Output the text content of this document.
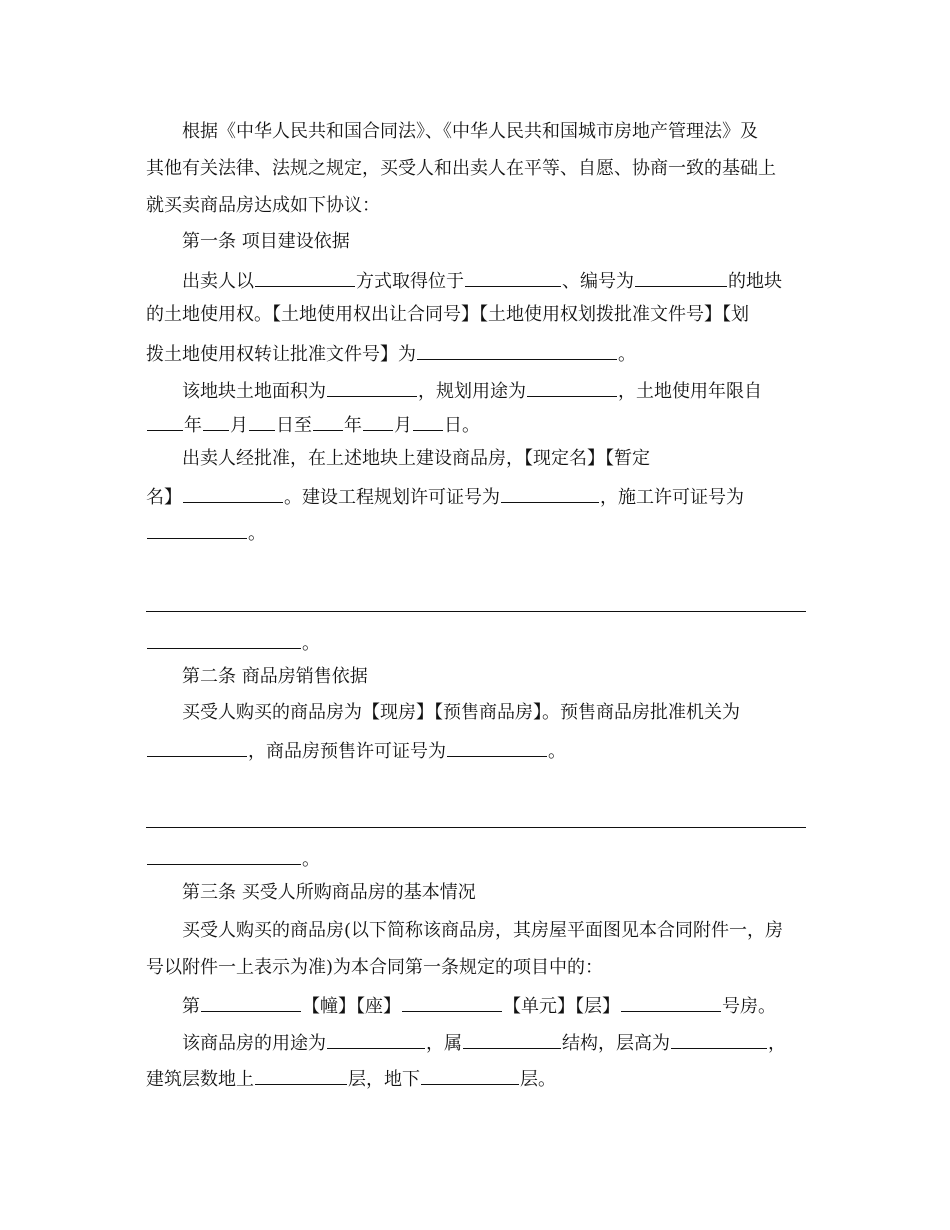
根据《中华人民共和国合同法》、《中华人民共和国城市房地产管理法》及
其他有关法律、法规之规定，买受人和出卖人在平等、自愿、协商一致的基础上
就买卖商品房达成如下协议：
第一条 项目建设依据
出卖人以	方式取得位于	、编号为	的地块
的土地使用权。【土地使用权出让合同号】【土地使用权划拨批准文件号】【划
拨土地使用权转让批准文件号】为	。
该地块土地面积为	，规划用途为	，土地使用年限自
年 月 日至 年 月 日。
出卖人经批准，在上述地块上建设商品房，【现定名】【暂定
名】	。建设工程规划许可证号为	，施工许可证号为
。
。
第二条 商品房销售依据
买受人购买的商品房为【现房】【预售商品房】。预售商品房批准机关为
，商品房预售许可证号为	。
。
第三条 买受人所购商品房的基本情况
买受人购买的商品房(以下简称该商品房，其房屋平面图见本合同附件一，房
号以附件一上表示为准)为本合同第一条规定的项目中的：
第	【幢】【座】	【单元】【层】	号房。
该商品房的用途为	，属	结构，层高为	，
建筑层数地上	层，地下	层。
